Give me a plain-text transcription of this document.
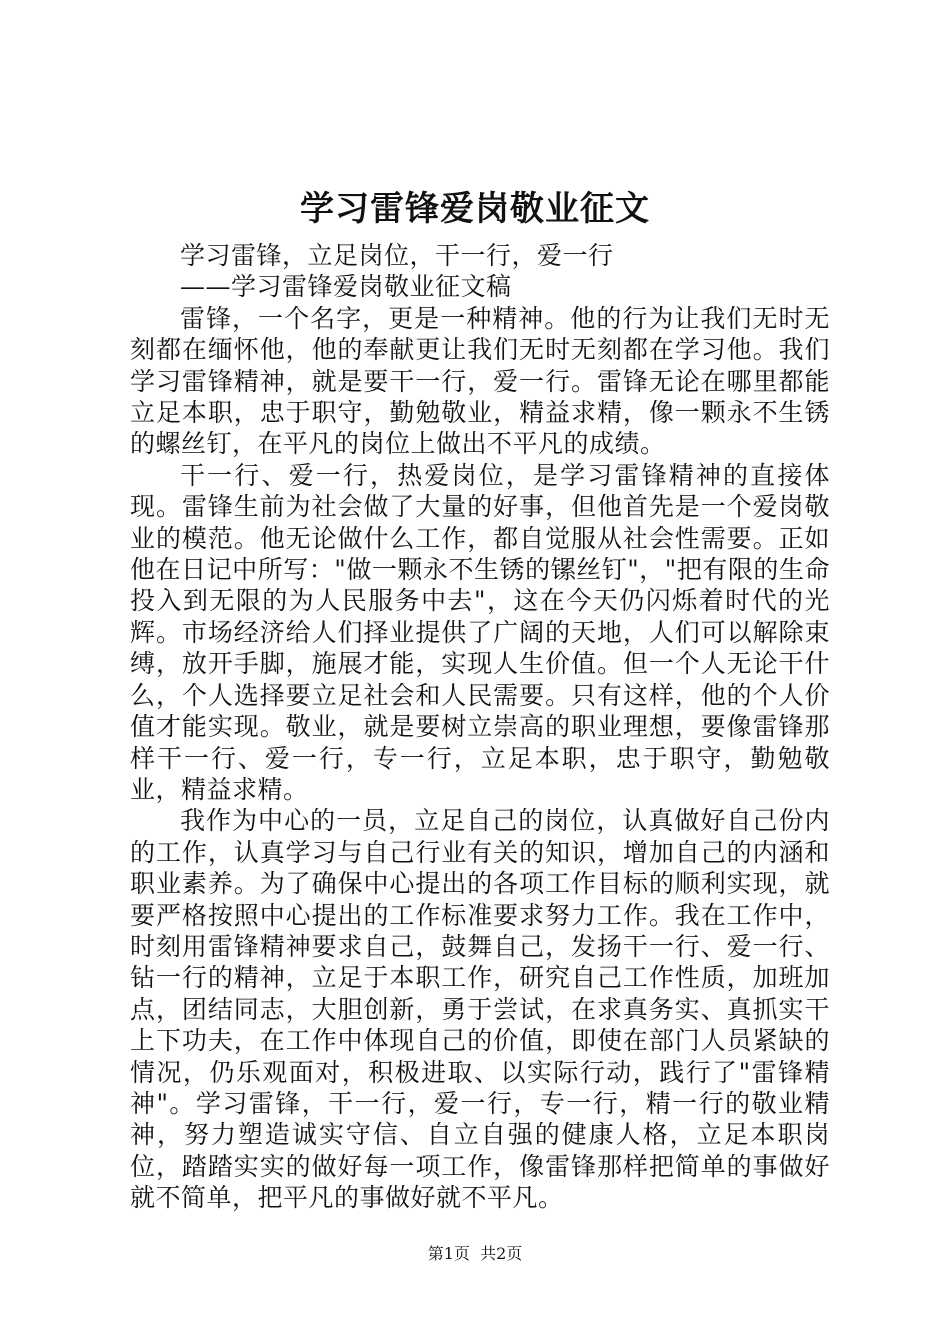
学习雷锋爱岗敬业征文

学习雷锋，立足岗位，干一行，爱一行

——学习雷锋爱岗敬业征文稿

雷锋，一个名字，更是一种精神。他的行为让我们无时无刻都在缅怀他，他的奉献更让我们无时无刻都在学习他。我们学习雷锋精神，就是要干一行，爱一行。雷锋无论在哪里都能立足本职，忠于职守，勤勉敬业，精益求精，像一颗永不生锈的螺丝钉，在平凡的岗位上做出不平凡的成绩。

干一行、爱一行，热爱岗位，是学习雷锋精神的直接体现。雷锋生前为社会做了大量的好事，但他首先是一个爱岗敬业的模范。他无论做什么工作，都自觉服从社会性需要。正如他在日记中所写："做一颗永不生锈的镙丝钉"，"把有限的生命投入到无限的为人民服务中去"，这在今天仍闪烁着时代的光辉。市场经济给人们择业提供了广阔的天地，人们可以解除束缚，放开手脚，施展才能，实现人生价值。但一个人无论干什么，个人选择要立足社会和人民需要。只有这样，他的个人价值才能实现。敬业，就是要树立崇高的职业理想，要像雷锋那样干一行、爱一行，专一行，立足本职，忠于职守，勤勉敬业，精益求精。

我作为中心的一员，立足自己的岗位，认真做好自己份内的工作，认真学习与自己行业有关的知识，增加自己的内涵和职业素养。为了确保中心提出的各项工作目标的顺利实现，就要严格按照中心提出的工作标准要求努力工作。我在工作中，时刻用雷锋精神要求自己，鼓舞自己，发扬干一行、爱一行、钻一行的精神，立足于本职工作，研究自己工作性质，加班加点，团结同志，大胆创新，勇于尝试，在求真务实、真抓实干上下功夫，在工作中体现自己的价值，即使在部门人员紧缺的情况，仍乐观面对，积极进取、以实际行动，践行了"雷锋精神"。学习雷锋，干一行，爱一行，专一行，精一行的敬业精神，努力塑造诚实守信、自立自强的健康人格，立足本职岗位，踏踏实实的做好每一项工作，像雷锋那样把简单的事做好就不简单，把平凡的事做好就不平凡。

第1页  共2页
